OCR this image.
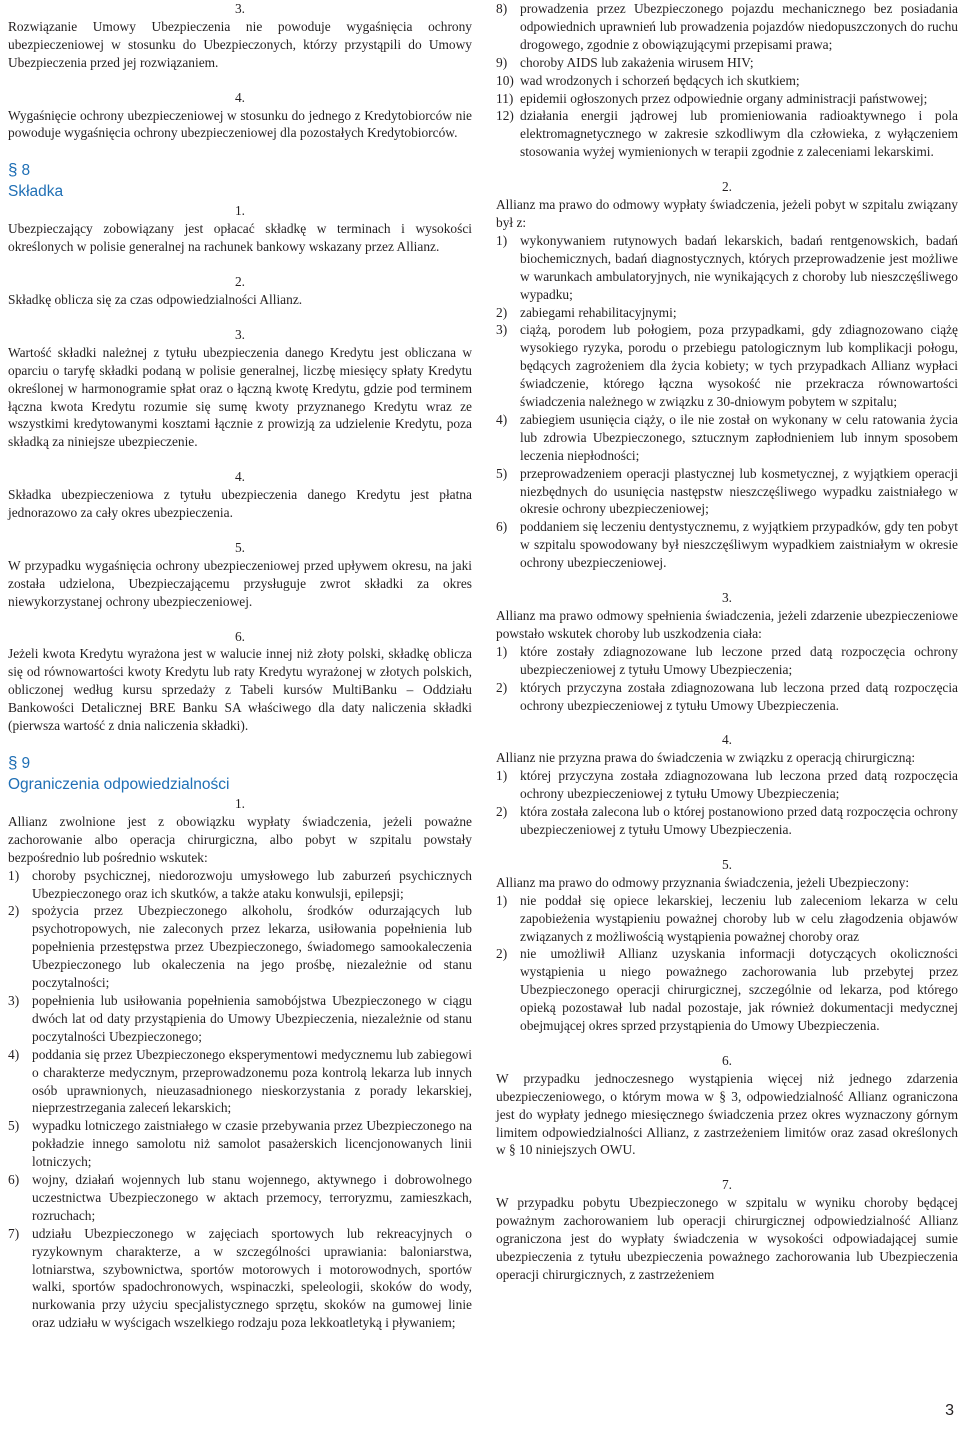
3.

Rozwiązanie Umowy Ubezpieczenia nie powoduje wygaśnięcia ochrony ubezpieczeniowej w stosunku do Ubezpieczonych, którzy przystąpili do Umowy Ubezpieczenia przed jej rozwiązaniem.

4.

Wygaśnięcie ochrony ubezpieczeniowej w stosunku do jednego z Kredytobiorców nie powoduje wygaśnięcia ochrony ubezpieczeniowej dla pozostałych Kredytobiorców.

§ 8

Składka

1.

Ubezpieczający zobowiązany jest opłacać składkę w terminach i wysokości określonych w polisie generalnej na rachunek bankowy wskazany przez Allianz.

2.

Składkę oblicza się za czas odpowiedzialności Allianz.

3.

Wartość składki należnej z tytułu ubezpieczenia danego Kredytu jest obliczana w oparciu o taryfę składki podaną w polisie generalnej, liczbę miesięcy spłaty Kredytu określonej w harmonogramie spłat oraz o łączną kwotę Kredytu, gdzie pod terminem łączna kwota Kredytu rozumie się sumę kwoty przyznanego Kredytu wraz ze wszystkimi kredytowanymi kosztami łącznie z prowizją za udzielenie Kredytu, poza składką za niniejsze ubezpieczenie.

4.

Składka ubezpieczeniowa z tytułu ubezpieczenia danego Kredytu jest płatna jednorazowo za cały okres ubezpieczenia.

5.

W przypadku wygaśnięcia ochrony ubezpieczeniowej przed upływem okresu, na jaki została udzielona, Ubezpieczającemu przysługuje zwrot składki za okres niewykorzystanej ochrony ubezpieczeniowej.

6.

Jeżeli kwota Kredytu wyrażona jest w walucie innej niż złoty polski, składkę oblicza się od równowartości kwoty Kredytu lub raty Kredytu wyrażonej w złotych polskich, obliczonej według kursu sprzedaży z Tabeli kursów MultiBanku – Oddziału Bankowości Detalicznej BRE Banku SA właściwego dla daty naliczenia składki (pierwsza wartość z dnia naliczenia składki).

§ 9

Ograniczenia odpowiedzialności

1.

Allianz zwolnione jest z obowiązku wypłaty świadczenia, jeżeli poważne zachorowanie albo operacja chirurgiczna, albo pobyt w szpitalu powstały bezpośrednio lub pośrednio wskutek:

1) choroby psychicznej, niedorozwoju umysłowego lub zaburzeń psychicznych Ubezpieczonego oraz ich skutków, a także ataku konwulsji, epilepsji;
2) spożycia przez Ubezpieczonego alkoholu, środków odurzających lub psychotropowych, nie zaleconych przez lekarza, usiłowania popełnienia lub popełnienia przestępstwa przez Ubezpieczonego, świadomego samookaleczenia Ubezpieczonego lub okaleczenia na jego prośbę, niezależnie od stanu poczytalności;
3) popełnienia lub usiłowania popełnienia samobójstwa Ubezpieczonego w ciągu dwóch lat od daty przystąpienia do Umowy Ubezpieczenia, niezależnie od stanu poczytalności Ubezpieczonego;
4) poddania się przez Ubezpieczonego eksperymentowi medycznemu lub zabiegowi o charakterze medycznym, przeprowadzonemu poza kontrolą lekarza lub innych osób uprawnionych, nieuzasadnionego nieskorzystania z porady lekarskiej, nieprzestrzegania zaleceń lekarskich;
5) wypadku lotniczego zaistniałego w czasie przebywania przez Ubezpieczonego na pokładzie innego samolotu niż samolot pasażerskich licencjonowanych linii lotniczych;
6) wojny, działań wojennych lub stanu wojennego, aktywnego i dobrowolnego uczestnictwa Ubezpieczonego w aktach przemocy, terroryzmu, zamieszkach, rozruchach;
7) udziału Ubezpieczonego w zajęciach sportowych lub rekreacyjnych o ryzykownym charakterze, a w szczególności uprawiania: baloniarstwa, lotniarstwa, szybownictwa, sportów motorowych i motorowodnych, sportów walki, sportów spadochronowych, wspinaczki, speleologii, skoków do wody, nurkowania przy użyciu specjalistycznego sprzętu, skoków na gumowej linie oraz udziału w wyścigach wszelkiego rodzaju poza lekkoatletyką i pływaniem;
8) prowadzenia przez Ubezpieczonego pojazdu mechanicznego bez posiadania odpowiednich uprawnień lub prowadzenia pojazdów niedopuszczonych do ruchu drogowego, zgodnie z obowiązującymi przepisami prawa;
9) choroby AIDS lub zakażenia wirusem HIV;
10) wad wrodzonych i schorzeń będących ich skutkiem;
11) epidemii ogłoszonych przez odpowiednie organy administracji państwowej;
12) działania energii jądrowej lub promieniowania radioaktywnego i pola elektromagnetycznego w zakresie szkodliwym dla człowieka, z wyłączeniem stosowania wyżej wymienionych w terapii zgodnie z zaleceniami lekarskimi.

2.

Allianz ma prawo do odmowy wypłaty świadczenia, jeżeli pobyt w szpitalu związany był z:

1) wykonywaniem rutynowych badań lekarskich, badań rentgenowskich, badań biochemicznych, badań diagnostycznych, których przeprowadzenie jest możliwe w warunkach ambulatoryjnych, nie wynikających z choroby lub nieszczęśliwego wypadku;
2) zabiegami rehabilitacyjnymi;
3) ciążą, porodem lub połogiem, poza przypadkami, gdy zdiagnozowano ciążę wysokiego ryzyka, porodu o przebiegu patologicznym lub komplikacji połogu, będących zagrożeniem dla życia kobiety; w tych przypadkach Allianz wypłaci świadczenie, którego łączna wysokość nie przekracza równowartości świadczenia należnego w związku z 30-dniowym pobytem w szpitalu;
4) zabiegiem usunięcia ciąży, o ile nie został on wykonany w celu ratowania życia lub zdrowia Ubezpieczonego, sztucznym zapłodnieniem lub innym sposobem leczenia niepłodności;
5) przeprowadzeniem operacji plastycznej lub kosmetycznej, z wyjątkiem operacji niezbędnych do usunięcia następstw nieszczęśliwego wypadku zaistniałego w okresie ochrony ubezpieczeniowej;
6) poddaniem się leczeniu dentystycznemu, z wyjątkiem przypadków, gdy ten pobyt w szpitalu spowodowany był nieszczęśliwym wypadkiem zaistniałym w okresie ochrony ubezpieczeniowej.

3.

Allianz ma prawo odmowy spełnienia świadczenia, jeżeli zdarzenie ubezpieczeniowe powstało wskutek choroby lub uszkodzenia ciała:

1) które zostały zdiagnozowane lub leczone przed datą rozpoczęcia ochrony ubezpieczeniowej z tytułu Umowy Ubezpieczenia;
2) których przyczyna została zdiagnozowana lub leczona przed datą rozpoczęcia ochrony ubezpieczeniowej z tytułu Umowy Ubezpieczenia.

4.

Allianz nie przyzna prawa do świadczenia w związku z operacją chirurgiczną:

1) której przyczyna została zdiagnozowana lub leczona przed datą rozpoczęcia ochrony ubezpieczeniowej z tytułu Umowy Ubezpieczenia;
2) która została zalecona lub o której postanowiono przed datą rozpoczęcia ochrony ubezpieczeniowej z tytułu Umowy Ubezpieczenia.

5.

Allianz ma prawo do odmowy przyznania świadczenia, jeżeli Ubezpieczony:

1) nie poddał się opiece lekarskiej, leczeniu lub zaleceniom lekarza w celu zapobieżenia wystąpieniu poważnej choroby lub w celu złagodzenia objawów związanych z możliwością wystąpienia poważnej choroby oraz
2) nie umożliwił Allianz uzyskania informacji dotyczących okoliczności wystąpienia u niego poważnego zachorowania lub przebytej przez Ubezpieczonego operacji chirurgicznej, szczególnie od lekarza, pod którego opieką pozostawał lub nadal pozostaje, jak również dokumentacji medycznej obejmującej okres sprzed przystąpienia do Umowy Ubezpieczenia.

6.

W przypadku jednoczesnego wystąpienia więcej niż jednego zdarzenia ubezpieczeniowego, o którym mowa w § 3, odpowiedzialność Allianz ograniczona jest do wypłaty jednego miesięcznego świadczenia przez okres wyznaczony górnym limitem odpowiedzialności Allianz, z zastrzeżeniem limitów oraz zasad określonych w § 10 niniejszych OWU.

7.

W przypadku pobytu Ubezpieczonego w szpitalu w wyniku choroby będącej poważnym zachorowaniem lub operacji chirurgicznej odpowiedzialność Allianz ograniczona jest do wypłaty świadczenia w wysokości odpowiadającej sumie ubezpieczenia z tytułu ubezpieczenia poważnego zachorowania lub Ubezpieczenia operacji chirurgicznych, z zastrzeżeniem

3
